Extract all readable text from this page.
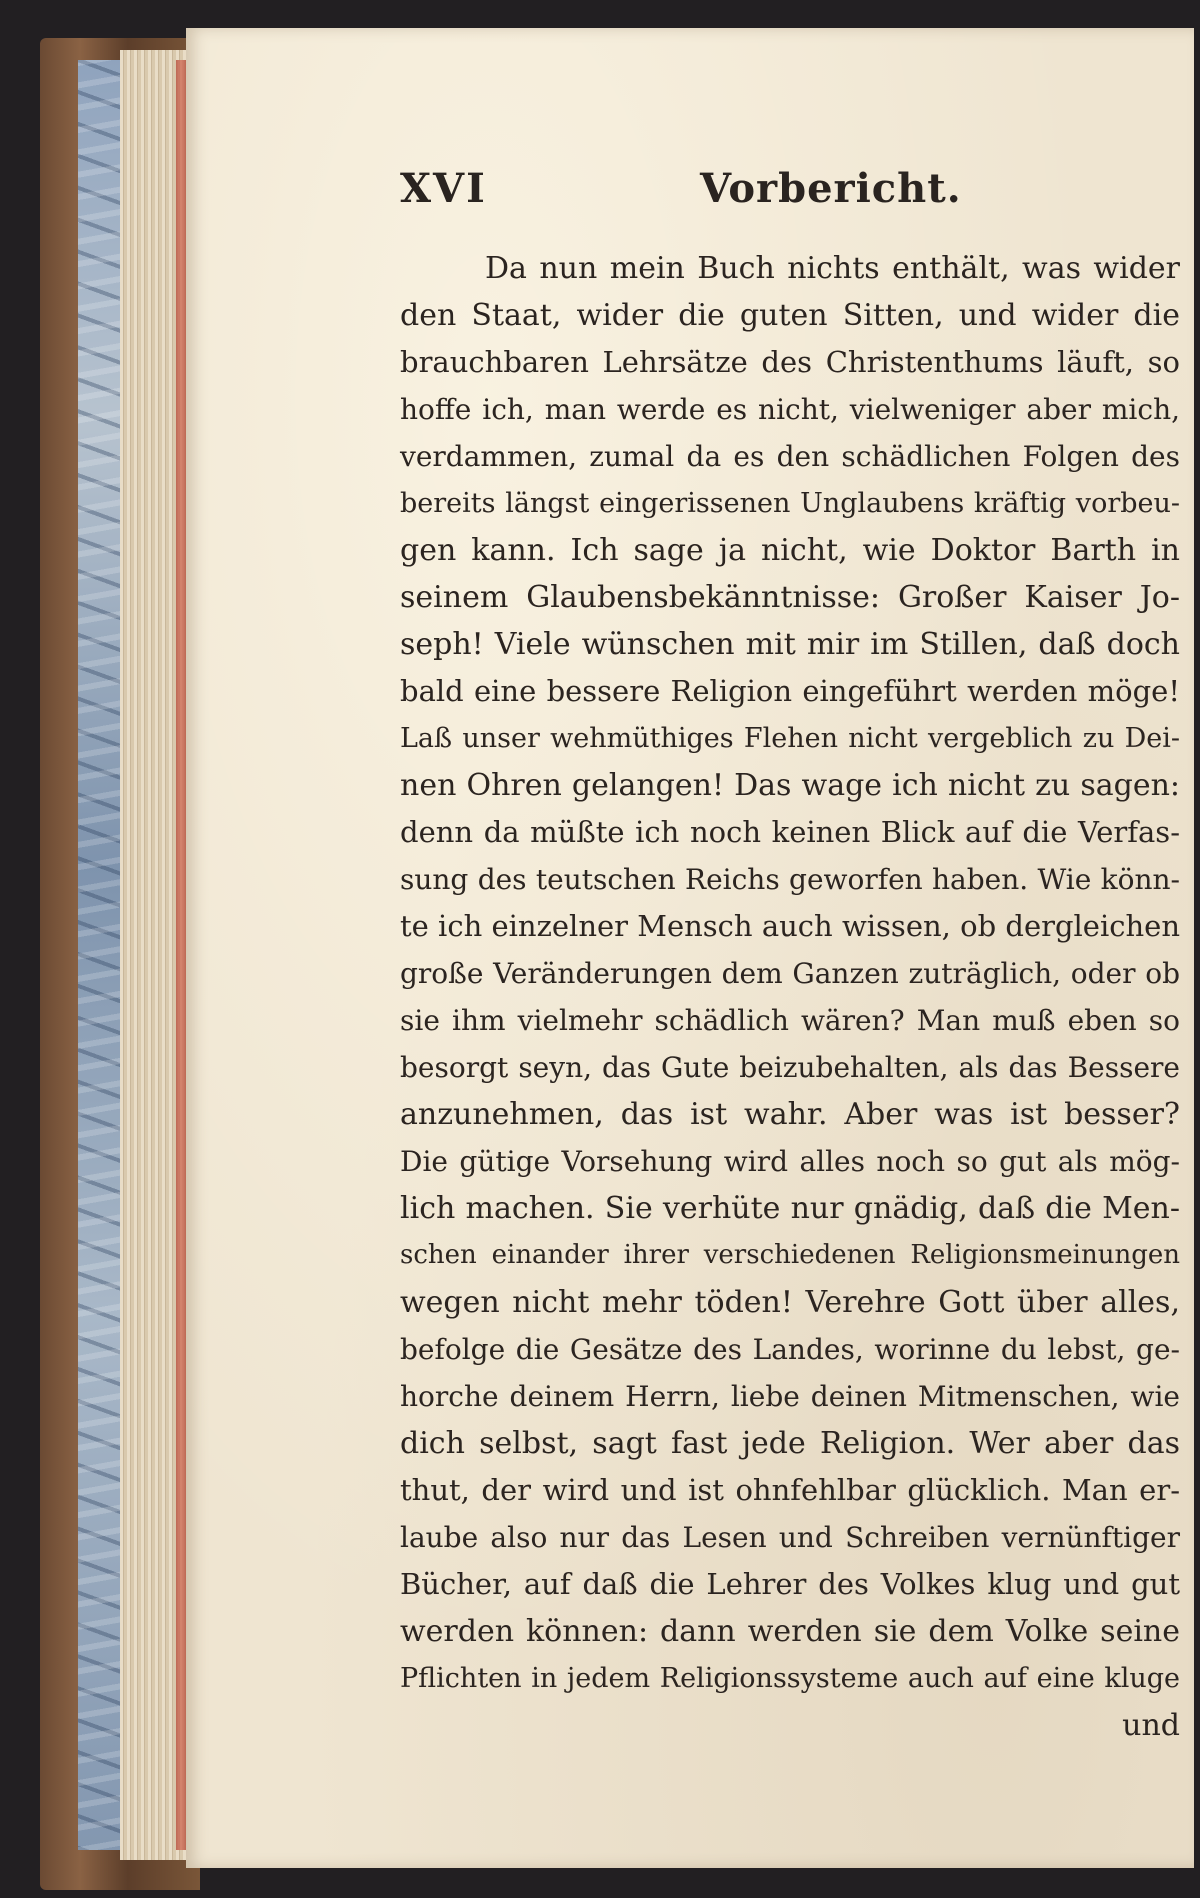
XVI	Vorbericht.
Da nun mein Buch nichts enthält, was wider
den Staat, wider die guten Sitten, und wider die
brauchbaren Lehrsätze des Christenthums läuft, so
hoffe ich, man werde es nicht, vielweniger aber mich,
verdammen, zumal da es den schädlichen Folgen des
bereits längst eingerissenen Unglaubens kräftig vorbeu-
gen kann. Ich sage ja nicht, wie Doktor Barth in
seinem Glaubensbekänntnisse: Großer Kaiser Jo-
seph! Viele wünschen mit mir im Stillen, daß doch
bald eine bessere Religion eingeführt werden möge!
Laß unser wehmüthiges Flehen nicht vergeblich zu Dei-
nen Ohren gelangen! Das wage ich nicht zu sagen:
denn da müßte ich noch keinen Blick auf die Verfas-
sung des teutschen Reichs geworfen haben. Wie könn-
te ich einzelner Mensch auch wissen, ob dergleichen
große Veränderungen dem Ganzen zuträglich, oder ob
sie ihm vielmehr schädlich wären? Man muß eben so
besorgt seyn, das Gute beizubehalten, als das Bessere
anzunehmen, das ist wahr. Aber was ist besser?
Die gütige Vorsehung wird alles noch so gut als mög-
lich machen. Sie verhüte nur gnädig, daß die Men-
schen einander ihrer verschiedenen Religionsmeinungen
wegen nicht mehr töden! Verehre Gott über alles,
befolge die Gesätze des Landes, worinne du lebst, ge-
horche deinem Herrn, liebe deinen Mitmenschen, wie
dich selbst, sagt fast jede Religion. Wer aber das
thut, der wird und ist ohnfehlbar glücklich. Man er-
laube also nur das Lesen und Schreiben vernünftiger
Bücher, auf daß die Lehrer des Volkes klug und gut
werden können: dann werden sie dem Volke seine
Pflichten in jedem Religionssysteme auch auf eine kluge
und
